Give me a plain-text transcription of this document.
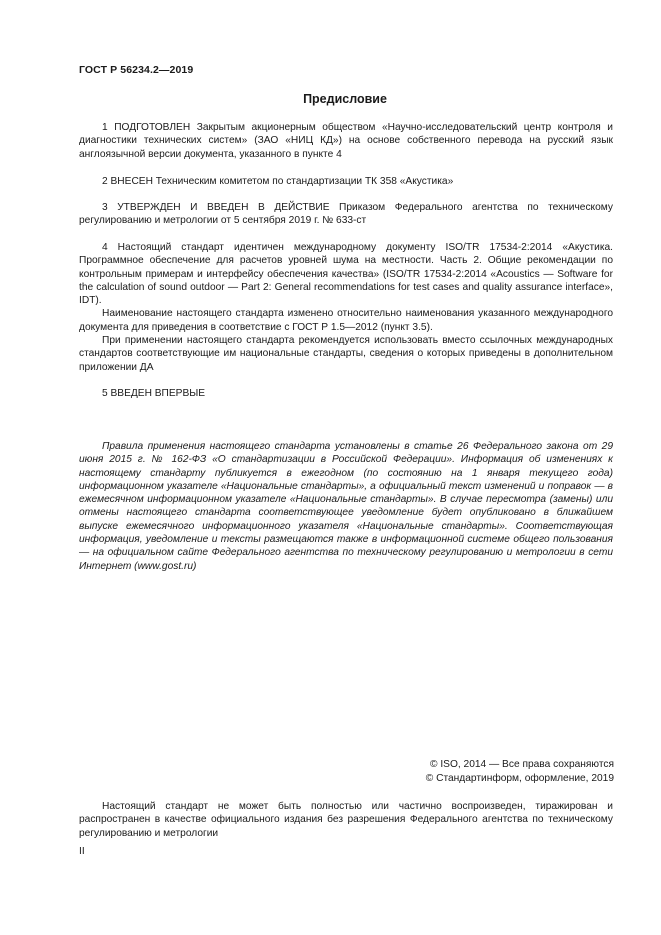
ГОСТ Р 56234.2—2019
Предисловие

1 ПОДГОТОВЛЕН Закрытым акционерным обществом «Научно-исследовательский центр контроля и диагностики технических систем» (ЗАО «НИЦ КД») на основе собственного перевода на русский язык англоязычной версии документа, указанного в пункте 4

2 ВНЕСЕН Техническим комитетом по стандартизации ТК 358 «Акустика»

3 УТВЕРЖДЕН И ВВЕДЕН В ДЕЙСТВИЕ Приказом Федерального агентства по техническому регулированию и метрологии от 5 сентября 2019 г. № 633-ст

4 Настоящий стандарт идентичен международному документу ISO/TR 17534-2:2014 «Акустика. Программное обеспечение для расчетов уровней шума на местности. Часть 2. Общие рекомендации по контрольным примерам и интерфейсу обеспечения качества» (ISO/TR 17534-2:2014 «Acoustics — Software for the calculation of sound outdoor — Part 2: General recommendations for test cases and quality assurance interface», IDT).

Наименование настоящего стандарта изменено относительно наименования указанного международного документа для приведения в соответствие с ГОСТ Р 1.5—2012 (пункт 3.5).

При применении настоящего стандарта рекомендуется использовать вместо ссылочных международных стандартов соответствующие им национальные стандарты, сведения о которых приведены в дополнительном приложении ДА

5 ВВЕДЕН ВПЕРВЫЕ

Правила применения настоящего стандарта установлены в статье 26 Федерального закона от 29 июня 2015 г. № 162-ФЗ «О стандартизации в Российской Федерации». Информация об изменениях к настоящему стандарту публикуется в ежегодном (по состоянию на 1 января текущего года) информационном указателе «Национальные стандарты», а официальный текст изменений и поправок — в ежемесячном информационном указателе «Национальные стандарты». В случае пересмотра (замены) или отмены настоящего стандарта соответствующее уведомление будет опубликовано в ближайшем выпуске ежемесячного информационного указателя «Национальные стандарты». Соответствующая информация, уведомление и тексты размещаются также в информационной системе общего пользования — на официальном сайте Федерального агентства по техническому регулированию и метрологии в сети Интернет (www.gost.ru)

© ISO, 2014 — Все права сохраняются
© Стандартинформ, оформление, 2019

Настоящий стандарт не может быть полностью или частично воспроизведен, тиражирован и распространен в качестве официального издания без разрешения Федерального агентства по техническому регулированию и метрологии

II
